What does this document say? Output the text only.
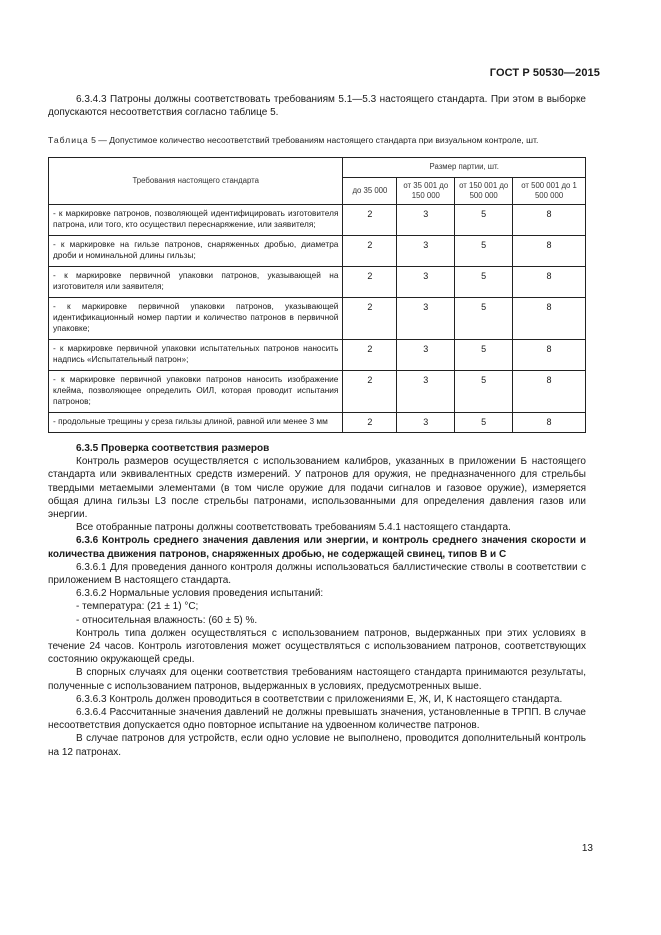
ГОСТ Р 50530—2015

6.3.4.3 Патроны должны соответствовать требованиям 5.1—5.3 настоящего стандарта. При этом в выборке допускаются несоответствия согласно таблице 5.

Таблица 5 — Допустимое количество несоответствий требованиям настоящего стандарта при визуальном контроле, шт.

Требования настоящего стандарта	Размер партии, шт.			
	до 35 000	от 35 001 до 150 000	от 150 001 до 500 000	от 500 001 до 1 500 000
- к маркировке патронов, позволяющей идентифицировать изготовителя патрона, или того, кто осуществил переснаряжение, или заявителя;	2	3	5	8
- к маркировке на гильзе патронов, снаряженных дробью, диаметра дроби и номинальной длины гильзы;	2	3	5	8
- к маркировке первичной упаковки патронов, указывающей на изготовителя или заявителя;	2	3	5	8
- к маркировке первичной упаковки патронов, указывающей идентификационный номер партии и количество патронов в первичной упаковке;	2	3	5	8
- к маркировке первичной упаковки испытательных патронов наносить надпись «Испытательный патрон»;	2	3	5	8
- к маркировке первичной упаковки патронов наносить изображение клейма, позволяющее определить ОИЛ, которая проводит испытания патронов;	2	3	5	8
- продольные трещины у среза гильзы длиной, равной или менее 3 мм	2	3	5	8

6.3.5 Проверка соответствия размеров

Контроль размеров осуществляется с использованием калибров, указанных в приложении Б настоящего стандарта или эквивалентных средств измерений. У патронов для оружия, не предназначенного для стрельбы твердыми метаемыми элементами (в том числе оружие для подачи сигналов и газовое оружие), измеряется общая длина гильзы L3 после стрельбы патронами, использованными для определения давления газов или энергии.

Все отобранные патроны должны соответствовать требованиям 5.4.1 настоящего стандарта.

6.3.6 Контроль среднего значения давления или энергии, и контроль среднего значения скорости и количества движения патронов, снаряженных дробью, не содержащей свинец, типов В и С

6.3.6.1 Для проведения данного контроля должны использоваться баллистические стволы в соответствии с приложением В настоящего стандарта.

6.3.6.2 Нормальные условия проведения испытаний:

- температура: (21 ± 1) °С;

- относительная влажность: (60 ± 5) %.

Контроль типа должен осуществляться с использованием патронов, выдержанных при этих условиях в течение 24 часов. Контроль изготовления может осуществляться с использованием патронов, соответствующих состоянию окружающей среды.

В спорных случаях для оценки соответствия требованиям настоящего стандарта принимаются результаты, полученные с использованием патронов, выдержанных в условиях, предусмотренных выше.

6.3.6.3 Контроль должен проводиться в соответствии с приложениями Е, Ж, И, К настоящего стандарта.

6.3.6.4 Рассчитанные значения давлений не должны превышать значения, установленные в ТРПП. В случае несоответствия допускается одно повторное испытание на удвоенном количестве патронов.

В случае патронов для устройств, если одно условие не выполнено, проводится дополнительный контроль на 12 патронах.

13
